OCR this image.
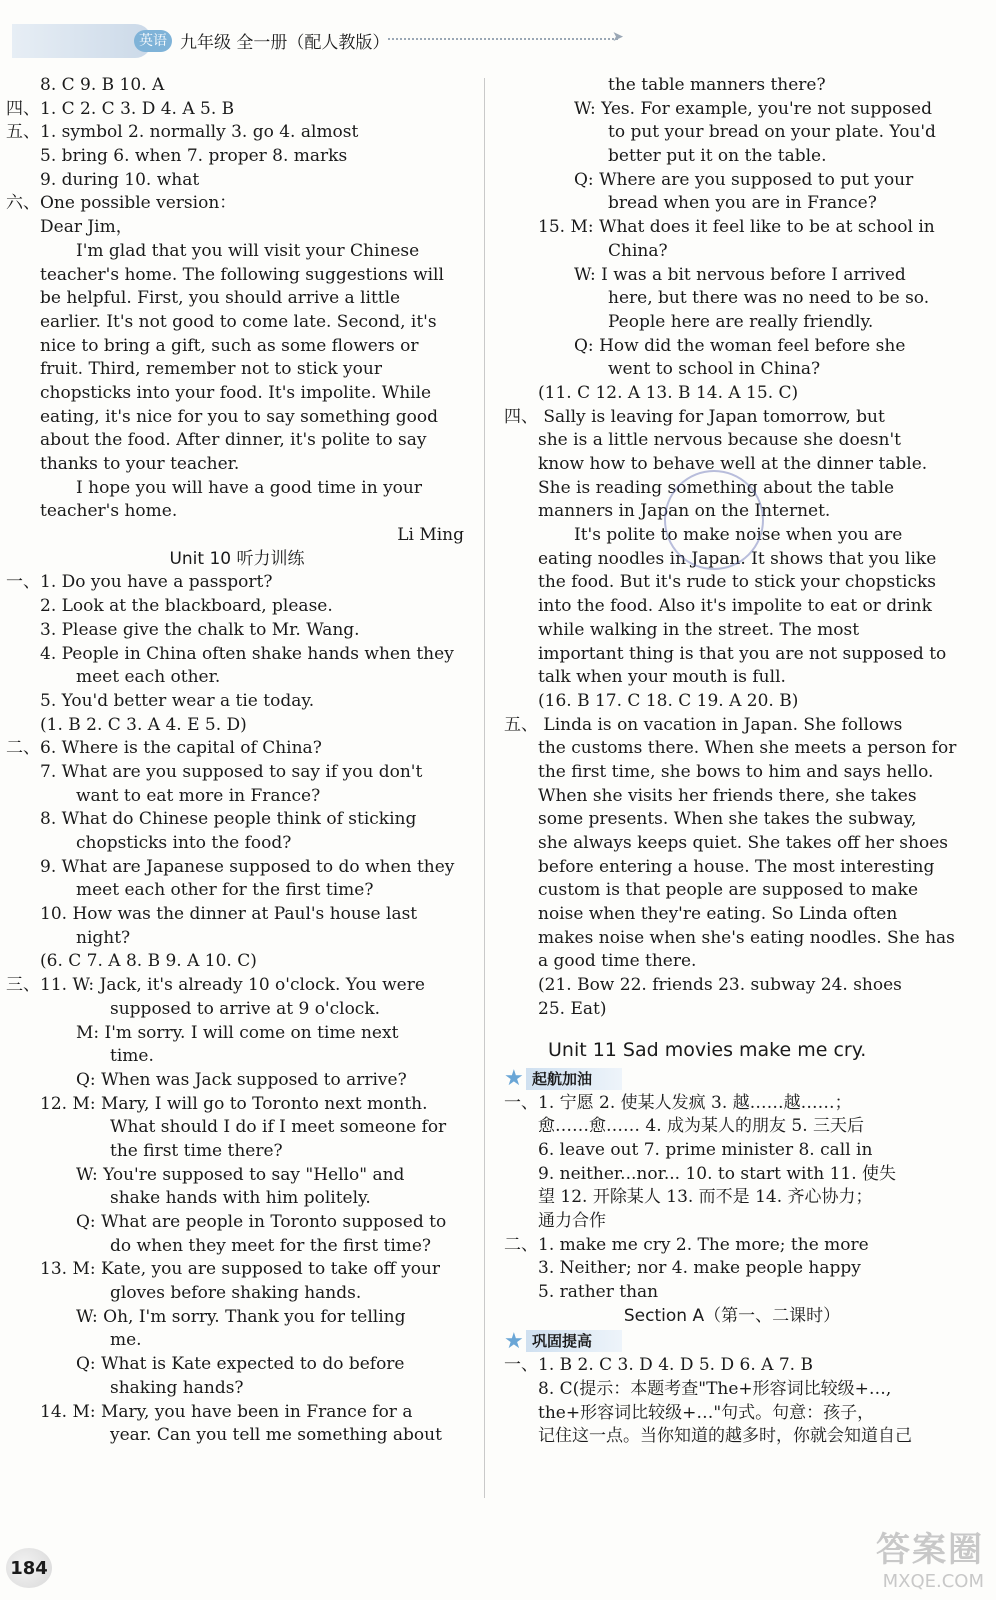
英语 九年级 全一册（配人教版）	➤
8. C 9. B 10. A
四、1. C 2. C 3. D 4. A 5. B
五、1. symbol 2. normally 3. go 4. almost
5. bring 6. when 7. proper 8. marks
9. during 10. what
六、One possible version：
Dear Jim，
I'm glad that you will visit your Chinese
teacher's home. The following suggestions will
be helpful. First, you should arrive a little
earlier. It's not good to come late. Second, it's
nice to bring a gift, such as some flowers or
fruit. Third, remember not to stick your
chopsticks into your food. It's impolite. While
eating, it's nice for you to say something good
about the food. After dinner, it's polite to say
thanks to your teacher.
I hope you will have a good time in your
teacher's home.
Li Ming
Unit 10 听力训练
一、1. Do you have a passport?
2. Look at the blackboard, please.
3. Please give the chalk to Mr. Wang.
4. People in China often shake hands when they
meet each other.
5. You'd better wear a tie today.
(1. B 2. C 3. A 4. E 5. D)
二、6. Where is the capital of China?
7. What are you supposed to say if you don't
want to eat more in France?
8. What do Chinese people think of sticking
chopsticks into the food?
9. What are Japanese supposed to do when they
meet each other for the first time?
10. How was the dinner at Paul's house last
night?
(6. C 7. A 8. B 9. A 10. C)
三、11. W: Jack, it's already 10 o'clock. You were
supposed to arrive at 9 o'clock.
M: I'm sorry. I will come on time next
time.
Q: When was Jack supposed to arrive?
12. M: Mary, I will go to Toronto next month.
What should I do if I meet someone for
the first time there?
W: You're supposed to say "Hello" and
shake hands with him politely.
Q: What are people in Toronto supposed to
do when they meet for the first time?
13. M: Kate, you are supposed to take off your
gloves before shaking hands.
W: Oh, I'm sorry. Thank you for telling
me.
Q: What is Kate expected to do before
shaking hands?
14. M: Mary, you have been in France for a
year. Can you tell me something about
the table manners there?
W: Yes. For example, you're not supposed
to put your bread on your plate. You'd
better put it on the table.
Q: Where are you supposed to put your
bread when you are in France?
15. M: What does it feel like to be at school in
China?
W: I was a bit nervous before I arrived
here, but there was no need to be so.
People here are really friendly.
Q: How did the woman feel before she
went to school in China?
(11. C 12. A 13. B 14. A 15. C)
四、 Sally is leaving for Japan tomorrow, but
she is a little nervous because she doesn't
know how to behave well at the dinner table.
She is reading something about the table
manners in Japan on the Internet.
It's polite to make noise when you are
eating noodles in Japan. It shows that you like
the food. But it's rude to stick your chopsticks
into the food. Also it's impolite to eat or drink
while walking in the street. The most
important thing is that you are not supposed to
talk when your mouth is full.
(16. B 17. C 18. C 19. A 20. B)
五、 Linda is on vacation in Japan. She follows
the customs there. When she meets a person for
the first time, she bows to him and says hello.
When she visits her friends there, she takes
some presents. When she takes the subway,
she always keeps quiet. She takes off her shoes
before entering a house. The most interesting
custom is that people are supposed to make
noise when they're eating. So Linda often
makes noise when she's eating noodles. She has
a good time there.
(21. Bow 22. friends 23. subway 24. shoes
25. Eat)
Unit 11 Sad movies make me cry.
★ 起航加油
一、1. 宁愿 2. 使某人发疯 3. 越……越……；
愈……愈…… 4. 成为某人的朋友 5. 三天后
6. leave out 7. prime minister 8. call in
9. neither...nor... 10. to start with 11. 使失
望 12. 开除某人 13. 而不是 14. 齐心协力；
通力合作
二、1. make me cry 2. The more; the more
3. Neither; nor 4. make people happy
5. rather than
Section A（第一、二课时）
★ 巩固提高
一、1. B 2. C 3. D 4. D 5. D 6. A 7. B
8. C(提示：本题考查"The+形容词比较级+…,
the+形容词比较级+…"句式。句意：孩子，
记住这一点。当你知道的越多时，你就会知道自己
184	答案圈
MXQE.COM
